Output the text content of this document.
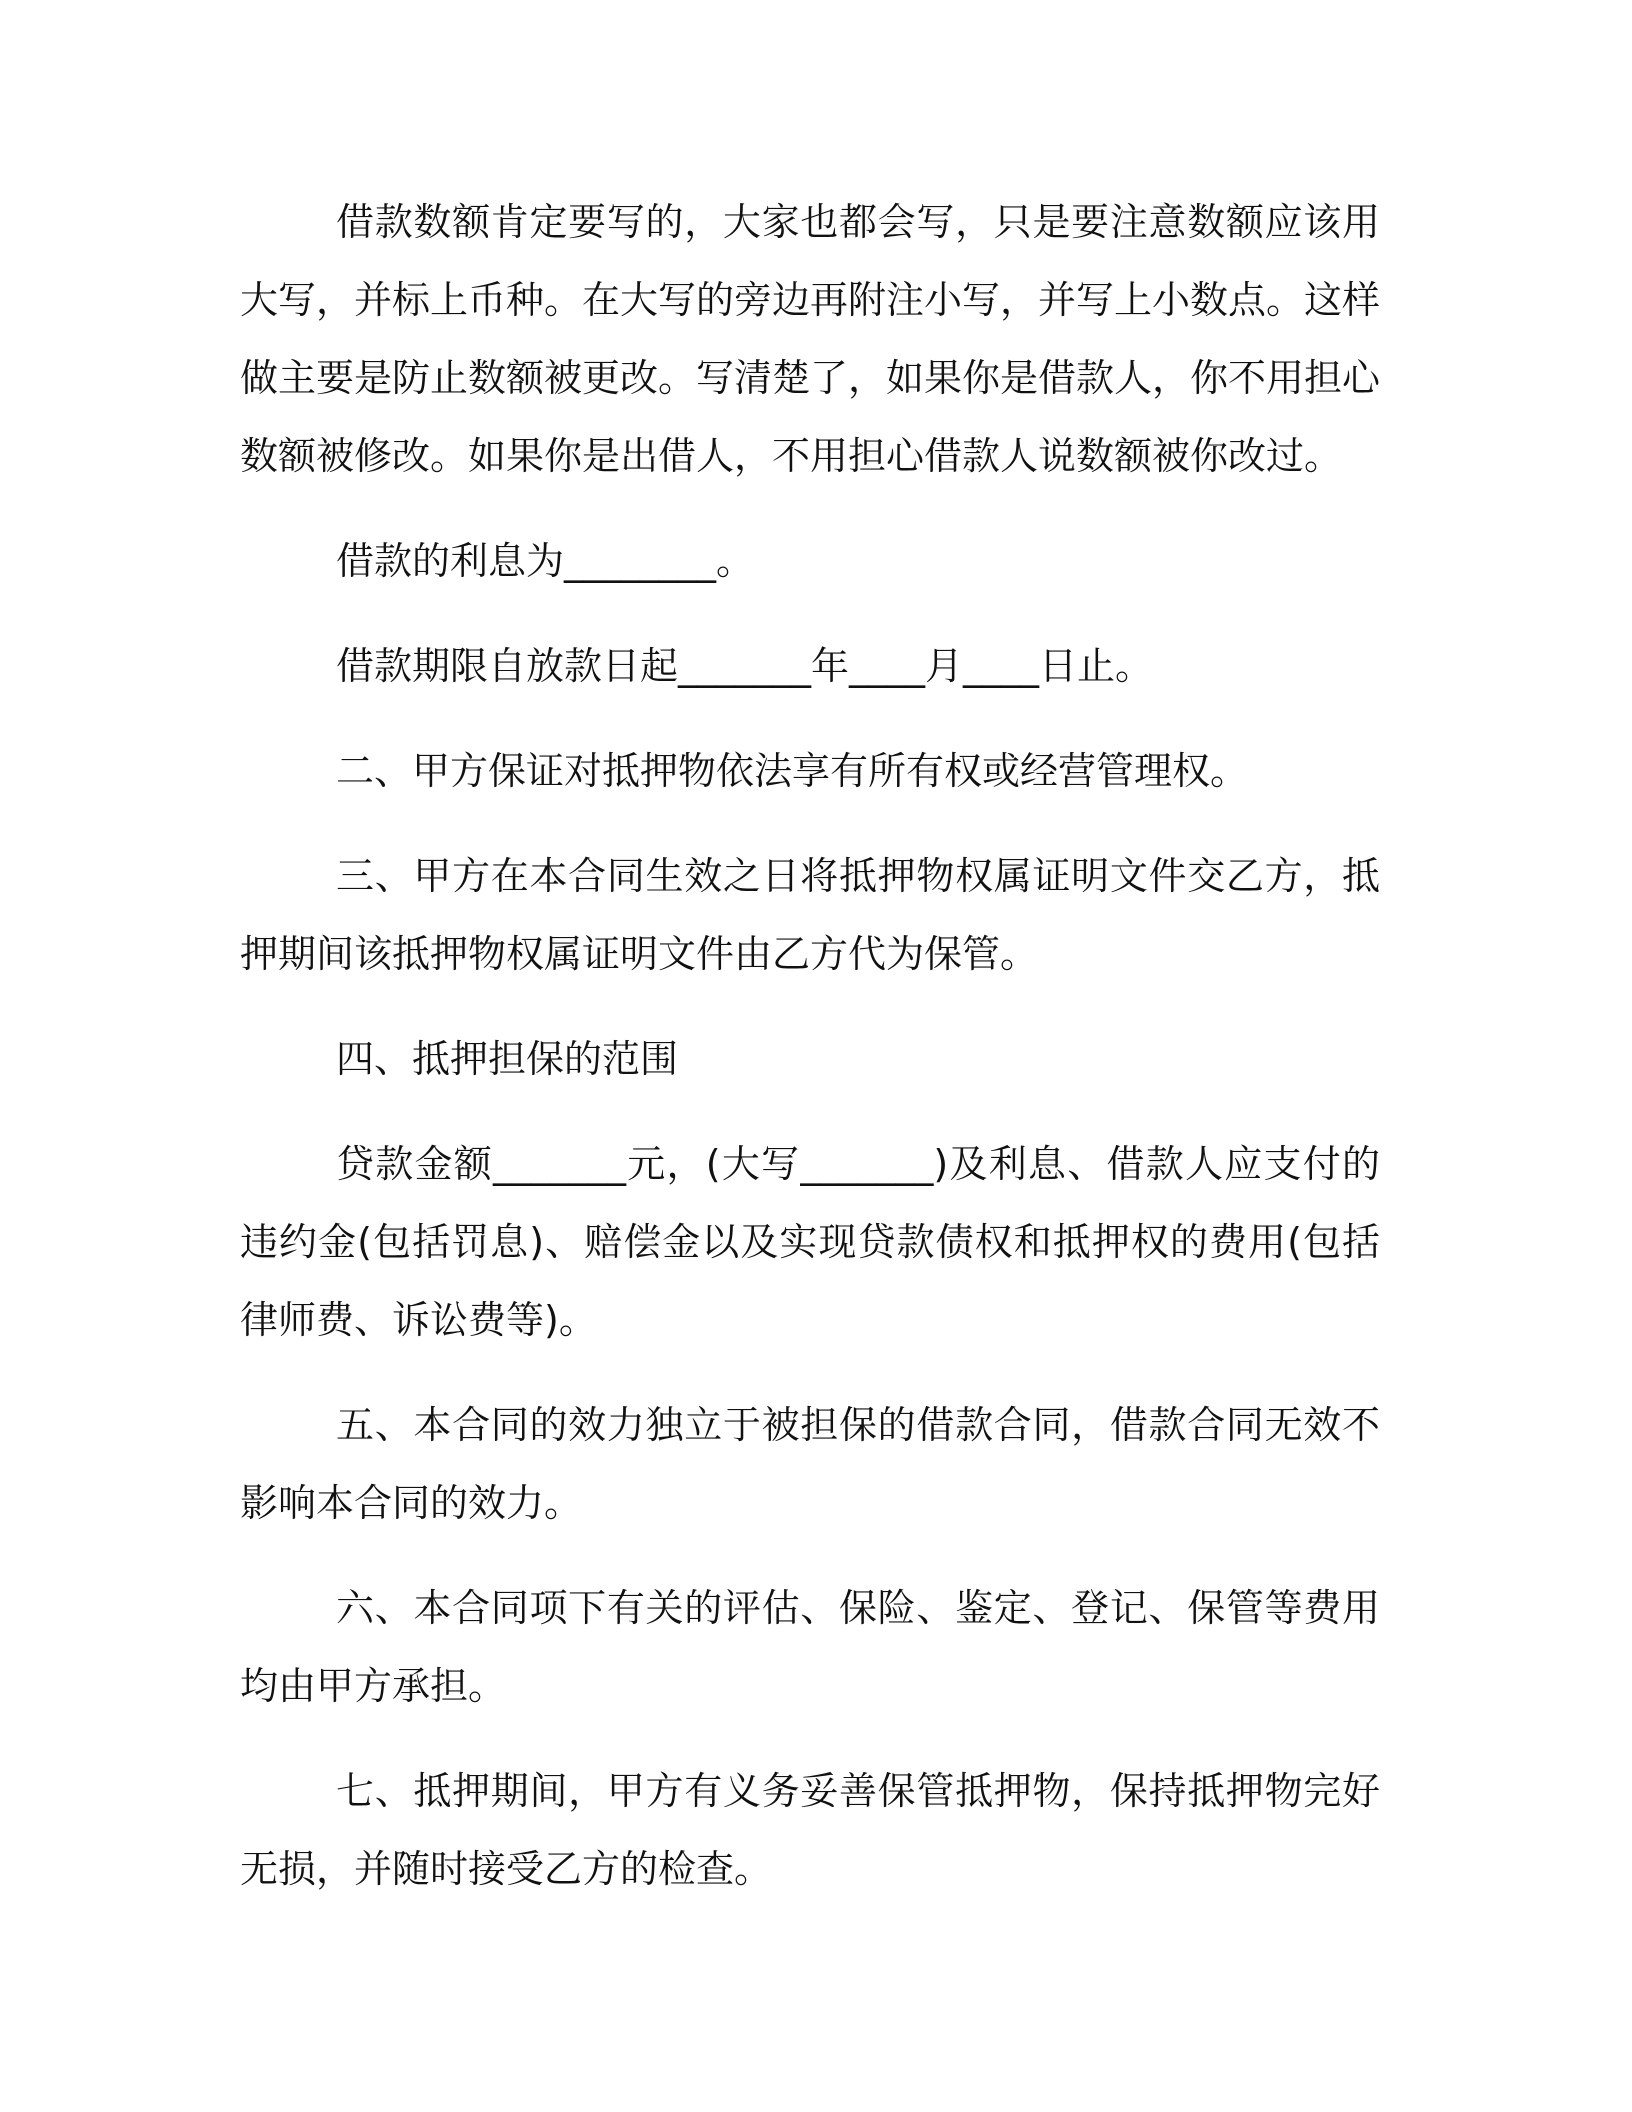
借款数额肯定要写的，大家也都会写，只是要注意数额应该用大写，并标上币种。在大写的旁边再附注小写，并写上小数点。这样做主要是防止数额被更改。写清楚了，如果你是借款人，你不用担心数额被修改。如果你是出借人，不用担心借款人说数额被你改过。

借款的利息为________。

借款期限自放款日起_______年____月____日止。

二、甲方保证对抵押物依法享有所有权或经营管理权。

三、甲方在本合同生效之日将抵押物权属证明文件交乙方，抵押期间该抵押物权属证明文件由乙方代为保管。

四、抵押担保的范围

贷款金额_______元，(大写_______)及利息、借款人应支付的违约金(包括罚息)、赔偿金以及实现贷款债权和抵押权的费用(包括律师费、诉讼费等)。

五、本合同的效力独立于被担保的借款合同，借款合同无效不影响本合同的效力。

六、本合同项下有关的评估、保险、鉴定、登记、保管等费用均由甲方承担。

七、抵押期间，甲方有义务妥善保管抵押物，保持抵押物完好无损，并随时接受乙方的检查。
